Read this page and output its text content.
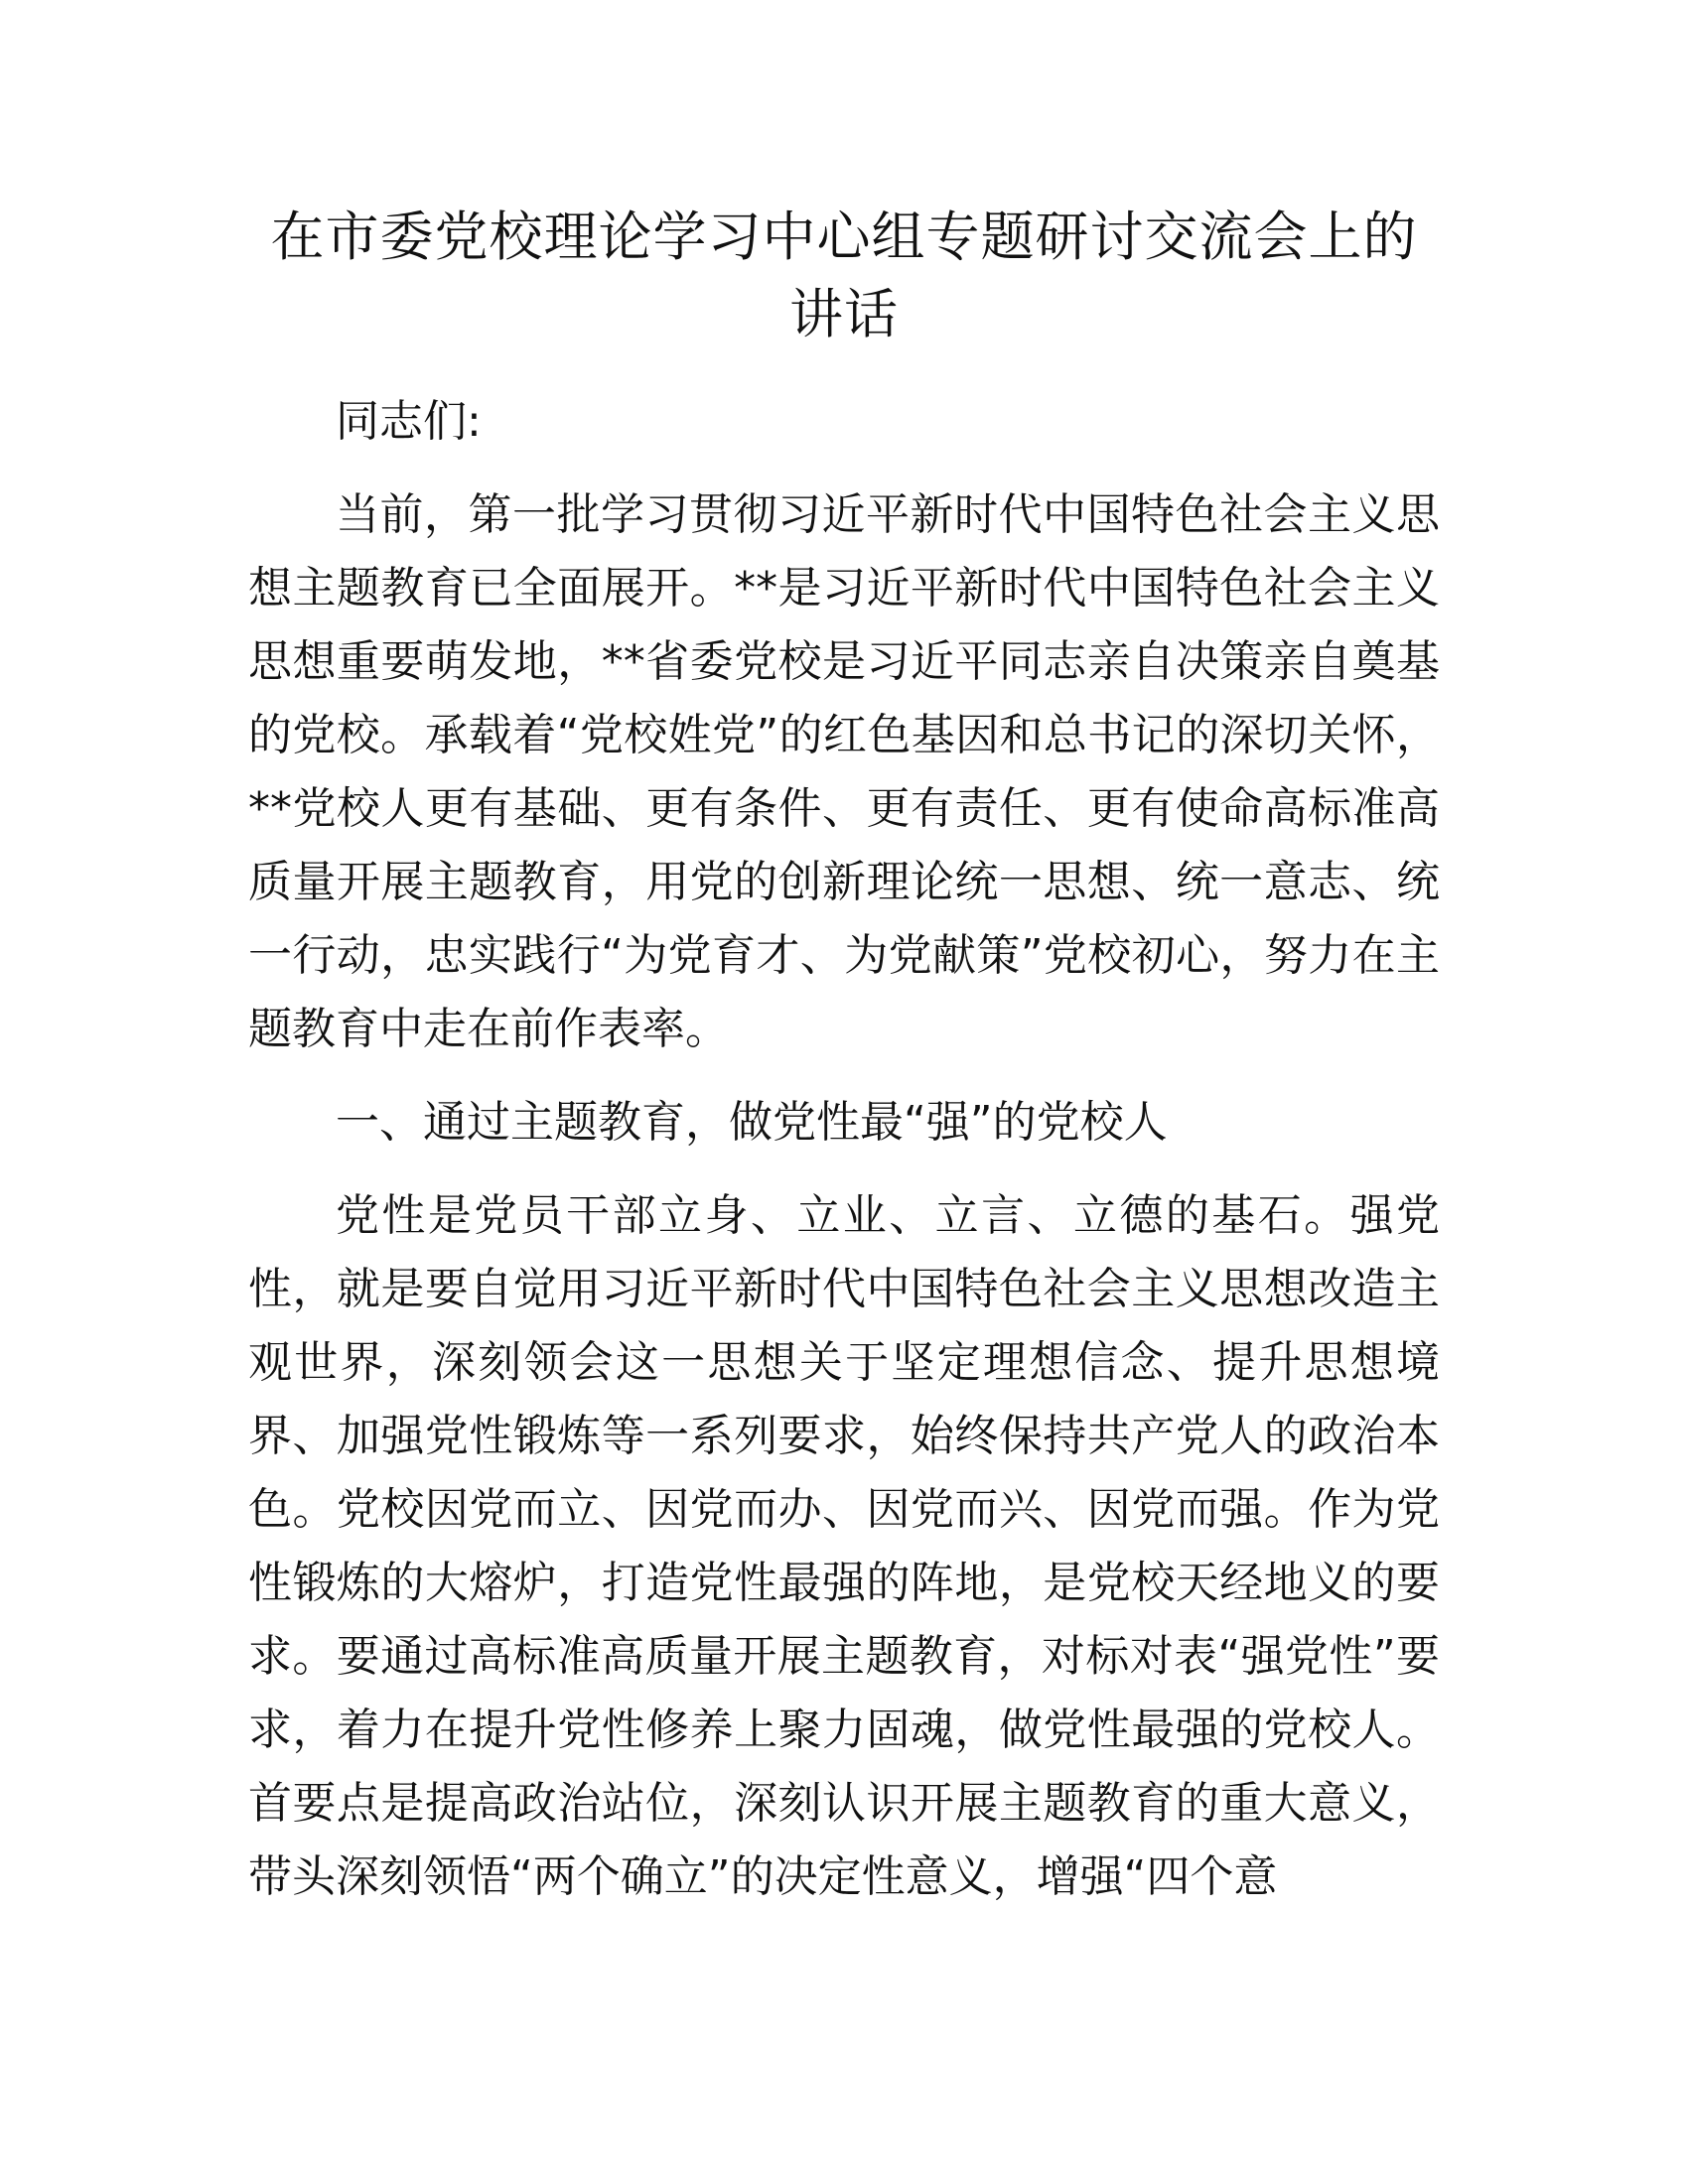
在市委党校理论学习中心组专题研讨交流会上的讲话

同志们:

当前，第一批学习贯彻习近平新时代中国特色社会主义思想主题教育已全面展开。**是习近平新时代中国特色社会主义思想重要萌发地，**省委党校是习近平同志亲自决策亲自奠基的党校。承载着“党校姓党”的红色基因和总书记的深切关怀，**党校人更有基础、更有条件、更有责任、更有使命高标准高质量开展主题教育，用党的创新理论统一思想、统一意志、统一行动，忠实践行“为党育才、为党献策”党校初心，努力在主题教育中走在前作表率。

一、通过主题教育，做党性最“强”的党校人

党性是党员干部立身、立业、立言、立德的基石。强党性，就是要自觉用习近平新时代中国特色社会主义思想改造主观世界，深刻领会这一思想关于坚定理想信念、提升思想境界、加强党性锻炼等一系列要求，始终保持共产党人的政治本色。党校因党而立、因党而办、因党而兴、因党而强。作为党性锻炼的大熔炉，打造党性最强的阵地，是党校天经地义的要求。要通过高标准高质量开展主题教育，对标对表“强党性”要求，着力在提升党性修养上聚力固魂，做党性最强的党校人。首要点是提高政治站位，深刻认识开展主题教育的重大意义，带头深刻领悟“两个确立”的决定性意义，增强“四个意
